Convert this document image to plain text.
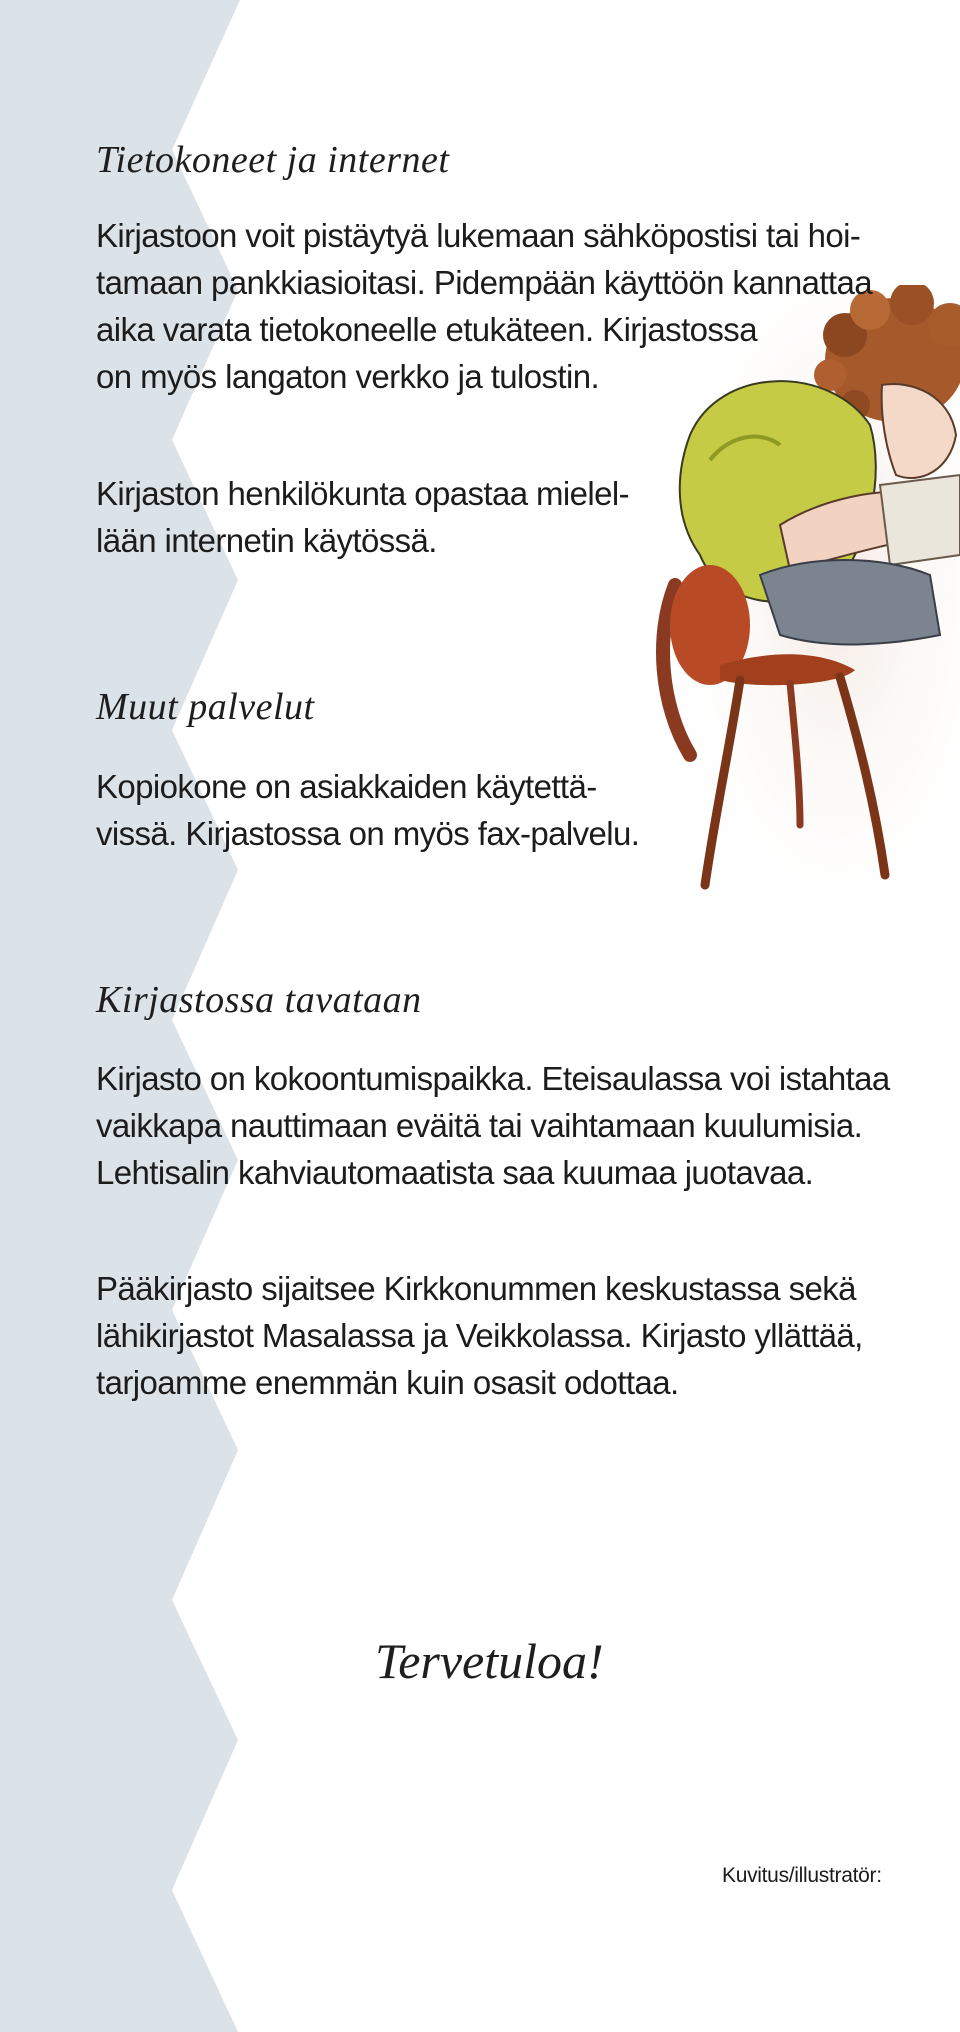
Tietokoneet ja internet
Kirjastoon voit pistäytyä lukemaan sähköpostisi tai hoi-
tamaan pankkiasioitasi. Pidempään käyttöön kannattaa
aika varata tietokoneelle etukäteen. Kirjastossa
on myös langaton verkko ja tulostin.
Kirjaston henkilökunta opastaa mielel-
lään internetin käytössä.
Muut palvelut
Kopiokone on asiakkaiden käytettä-
vissä. Kirjastossa on myös fax-palvelu.
Kirjastossa tavataan
Kirjasto on kokoontumispaikka. Eteisaulassa voi istahtaa
vaikkapa nauttimaan eväitä tai vaihtamaan kuulumisia.
Lehtisalin kahviautomaatista saa kuumaa juotavaa.
Pääkirjasto sijaitsee Kirkkonummen keskustassa sekä
lähikirjastot Masalassa ja Veikkolassa. Kirjasto yllättää,
tarjoamme enemmän kuin osasit odottaa.
Tervetuloa!
Kuvitus/illustratör:
